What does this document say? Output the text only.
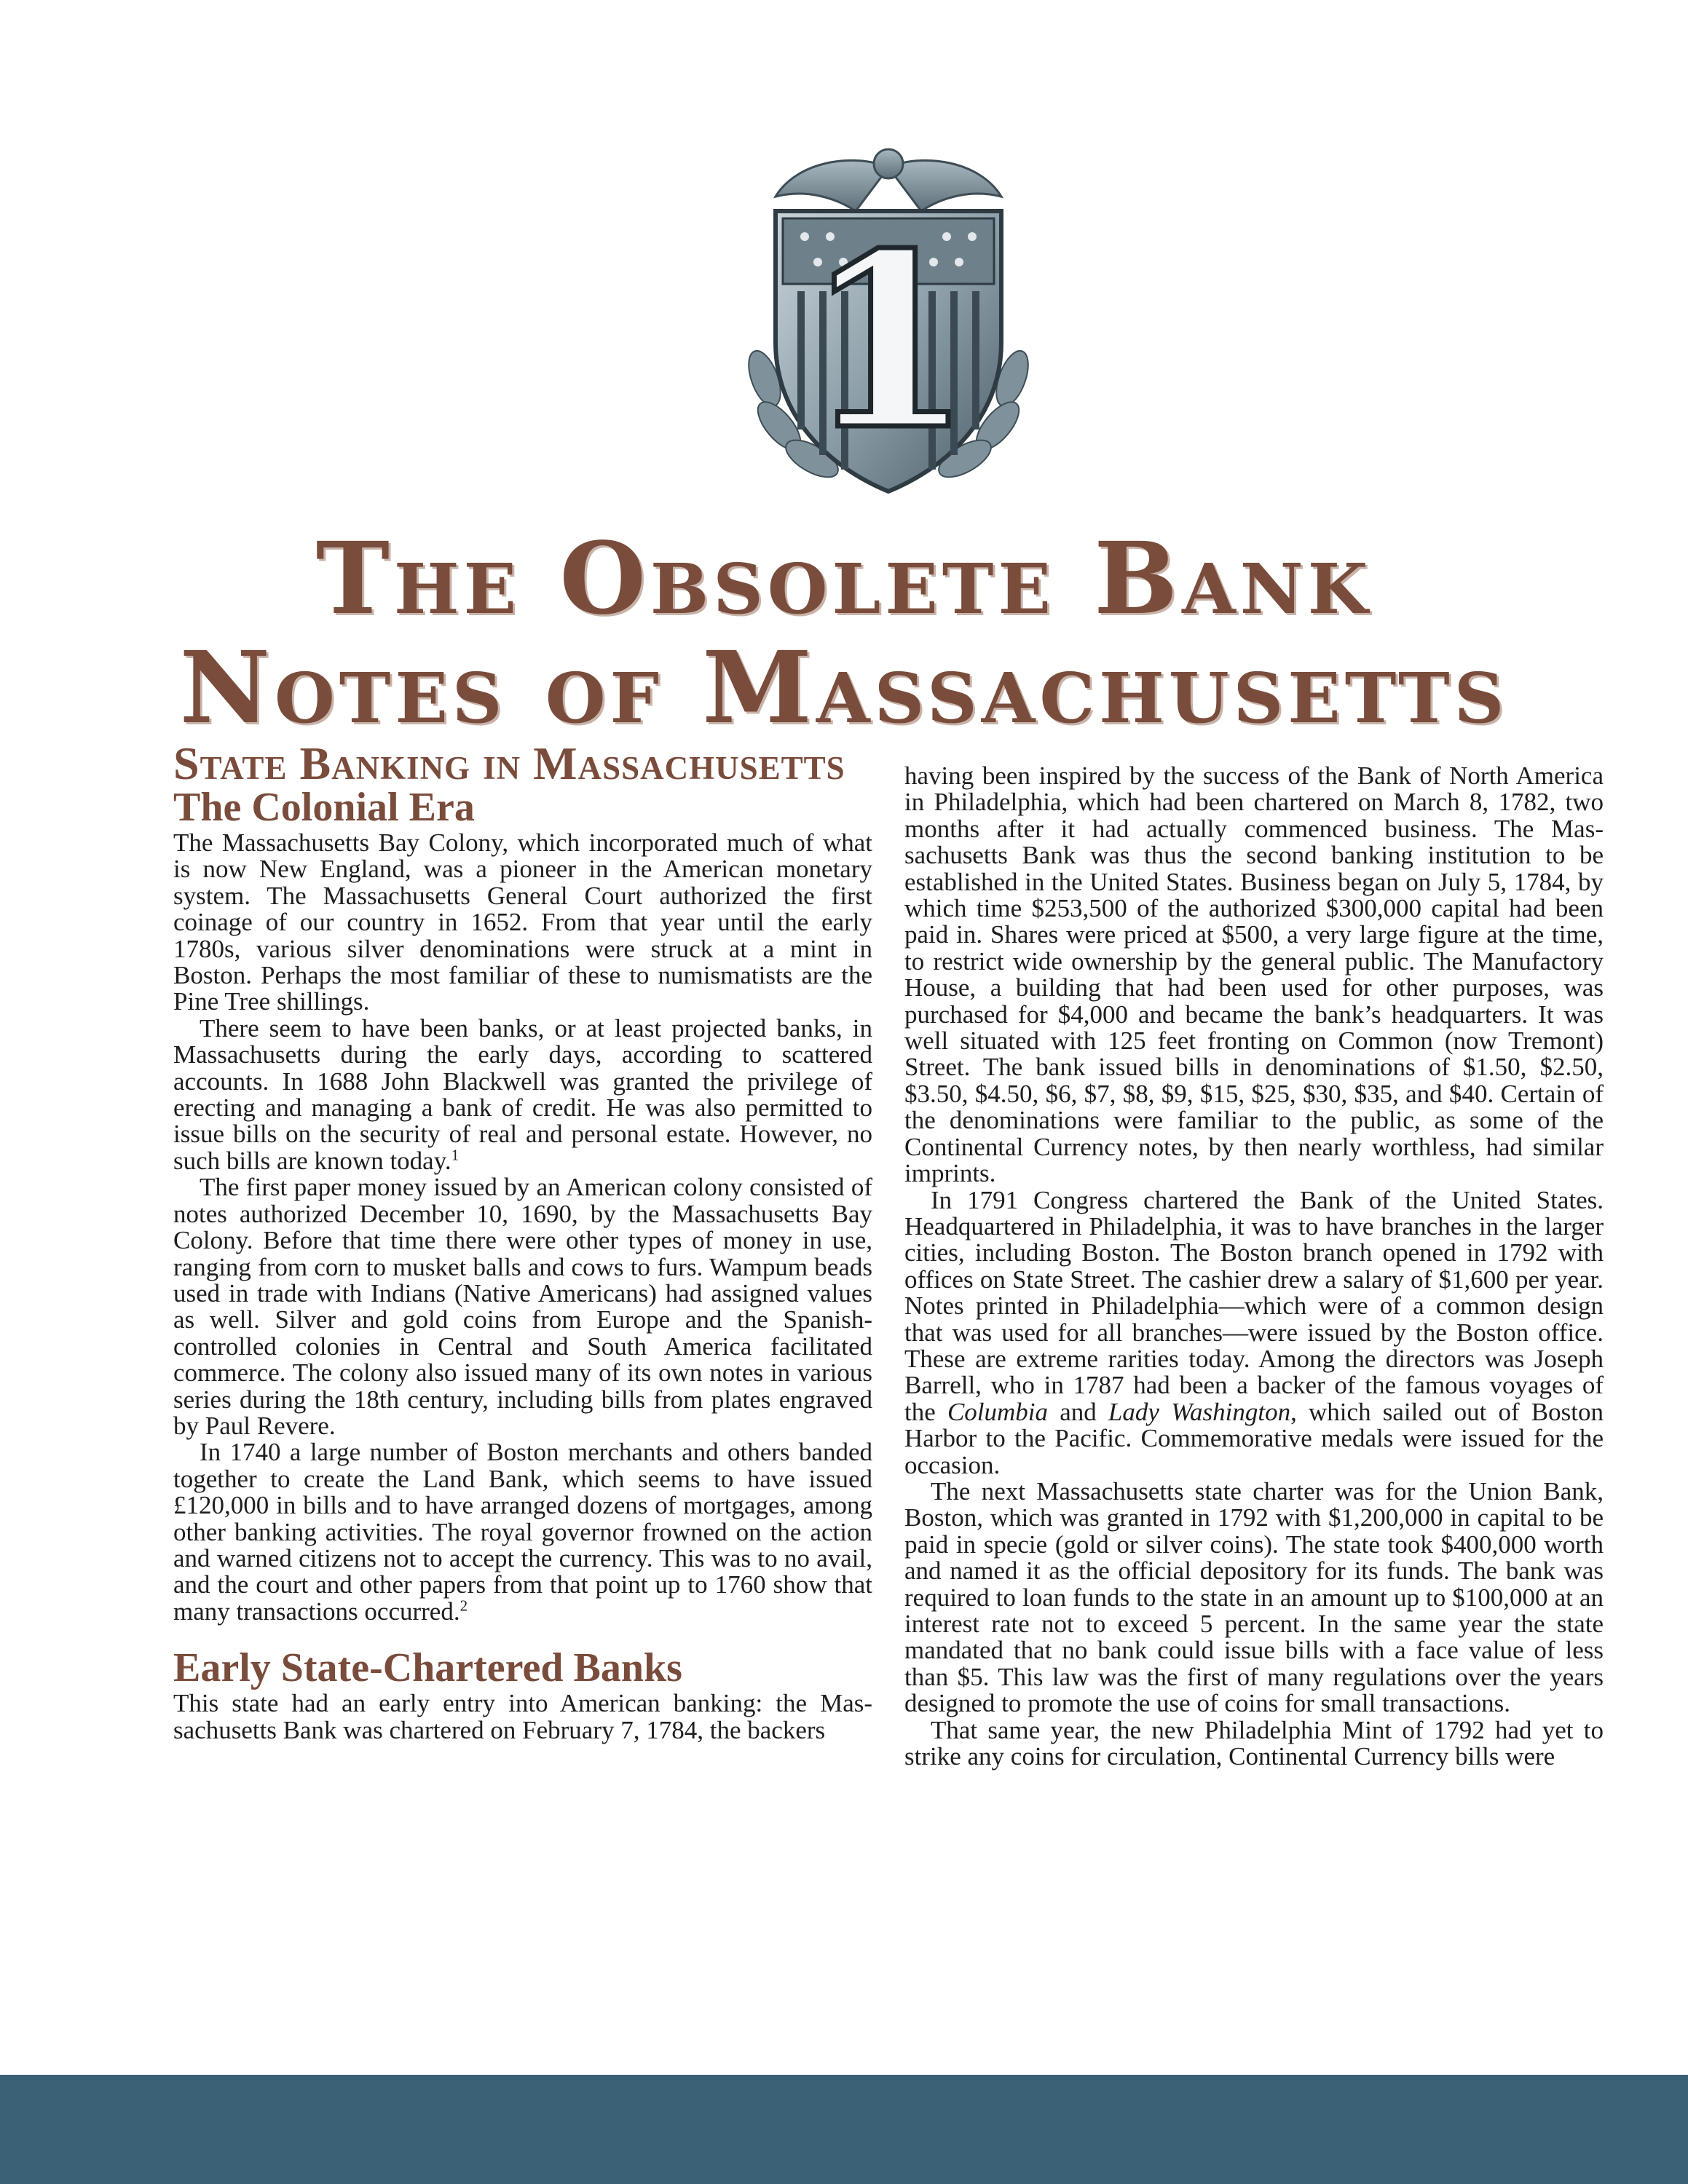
1
The Obsolete Bank
Notes of Massachusetts
State Banking in Massachusetts
The Colonial Era

The Massachusetts Bay Colony, which incorporated much of what is now New England, was a pioneer in the American monetary system. The Massachusetts General Court authorized the first coinage of our country in 1652. From that year until the early 1780s, various silver denominations were struck at a mint in Boston. Perhaps the most familiar of these to numismatists are the Pine Tree shillings.

There seem to have been banks, or at least projected banks, in Massachusetts during the early days, according to scattered accounts. In 1688 John Blackwell was granted the privilege of erecting and managing a bank of credit. He was also permitted to issue bills on the security of real and personal estate. However, no such bills are known today.$^1$

The first paper money issued by an American colony consisted of notes authorized December 10, 1690, by the Massachusetts Bay Colony. Before that time there were other types of money in use, ranging from corn to musket balls and cows to furs. Wampum beads used in trade with Indians (Native Americans) had assigned values as well. Silver and gold coins from Europe and the Spanish-controlled colonies in Central and South America facilitated commerce. The colony also issued many of its own notes in various series during the 18th century, including bills from plates engraved by Paul Revere.

In 1740 a large number of Boston merchants and others banded together to create the Land Bank, which seems to have issued £120,000 in bills and to have arranged dozens of mortgages, among other banking activities. The royal governor frowned on the action and warned citizens not to accept the currency. This was to no avail, and the court and other papers from that point up to 1760 show that many transactions occurred.$^2$

Early State-Chartered Banks

This state had an early entry into American banking: the Massachusetts Bank was chartered on February 7, 1784, the backers

having been inspired by the success of the Bank of North America in Philadelphia, which had been chartered on March 8, 1782, two months after it had actually commenced business. The Massachusetts Bank was thus the second banking institution to be established in the United States. Business began on July 5, 1784, by which time $253,500 of the authorized $300,000 capital had been paid in. Shares were priced at $500, a very large figure at the time, to restrict wide ownership by the general public. The Manufactory House, a building that had been used for other purposes, was purchased for $4,000 and became the bank’s headquarters. It was well situated with 125 feet fronting on Common (now Tremont) Street. The bank issued bills in denominations of $1.50, $2.50, $3.50, $4.50, $6, $7, $8, $9, $15, $25, $30, $35, and $40. Certain of the denominations were familiar to the public, as some of the Continental Currency notes, by then nearly worthless, had similar imprints.

In 1791 Congress chartered the Bank of the United States. Headquartered in Philadelphia, it was to have branches in the larger cities, including Boston. The Boston branch opened in 1792 with offices on State Street. The cashier drew a salary of $1,600 per year. Notes printed in Philadelphia—which were of a common design that was used for all branches—were issued by the Boston office. These are extreme rarities today. Among the directors was Joseph Barrell, who in 1787 had been a backer of the famous voyages of the Columbia and Lady Washington, which sailed out of Boston Harbor to the Pacific. Commemorative medals were issued for the occasion.

The next Massachusetts state charter was for the Union Bank, Boston, which was granted in 1792 with $1,200,000 in capital to be paid in specie (gold or silver coins). The state took $400,000 worth and named it as the official depository for its funds. The bank was required to loan funds to the state in an amount up to $100,000 at an interest rate not to exceed 5 percent. In the same year the state mandated that no bank could issue bills with a face value of less than $5. This law was the first of many regulations over the years designed to promote the use of coins for small transactions.

That same year, the new Philadelphia Mint of 1792 had yet to strike any coins for circulation, Continental Currency bills were
